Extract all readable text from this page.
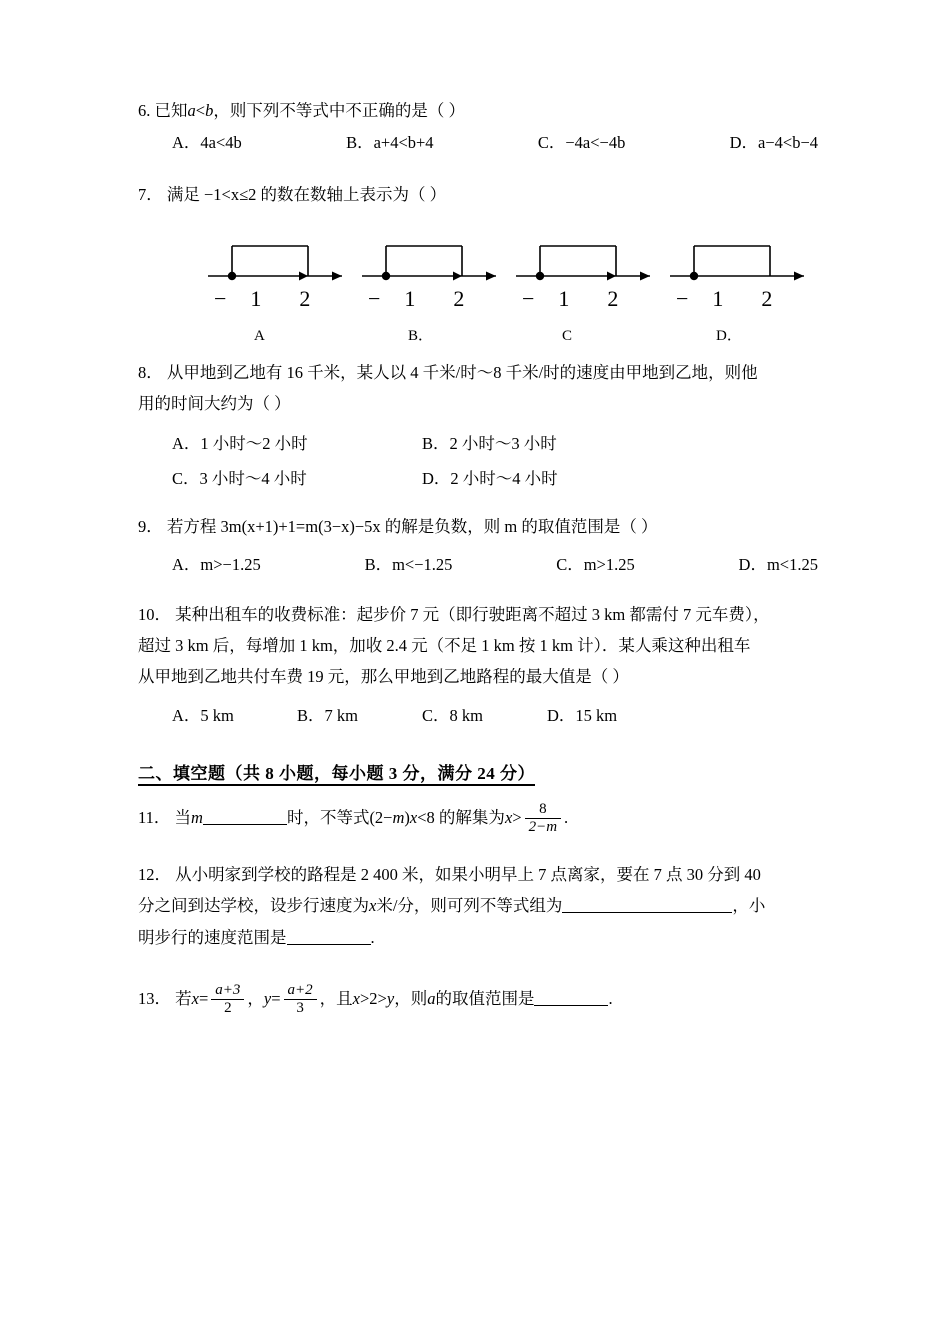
6. 已知a<b，则下列不等式中不正确的是（ ）
A．4a<4b	B．a+4<b+4	C．−4a<−4b	D．a−4<b−4
7． 满足 −1<x≤2 的数在数轴上表示为（ ）
−1 2
A
−1 2
B．
−1 2
C
−1 2
D．
8． 从甲地到乙地有 16 千米，某人以 4 千米/时～8 千米/时的速度由甲地到乙地，则他
用的时间大约为（ ）
A．1 小时～2 小时	B．2 小时～3 小时
C．3 小时～4 小时	D．2 小时～4 小时
9． 若方程 3m(x+1)+1=m(3−x)−5x 的解是负数，则 m 的取值范围是（ ）
A．m>−1.25	B．m<−1.25	C．m>1.25	D．m<1.25
10． 某种出租车的收费标准：起步价 7 元（即行驶距离不超过 3 km 都需付 7 元车费），
超过 3 km 后，每增加 1 km，加收 2.4 元（不足 1 km 按 1 km 计）．某人乘这种出租车
从甲地到乙地共付车费 19 元，那么甲地到乙地路程的最大值是（ ）
A．5 km	B．7 km	C．8 km	D．15 km
二、填空题（共 8 小题，每小题 3 分，满分 24 分）
11． 当m	时，不等式(2−m)x<8 的解集为$x> \frac{8}{2-m}$ .
12． 从小明家到学校的路程是 2 400 米，如果小明早上 7 点离家，要在 7 点 30 分到 40
分之间到达学校，设步行速度为x米/分，则可列不等式组为	，小
明步行的速度范围是	.
13． 若$x= \frac{a+3}{2}$ ，$y= \frac{a+2}{3}$ ，且x>2>y，则a的取值范围是	.
